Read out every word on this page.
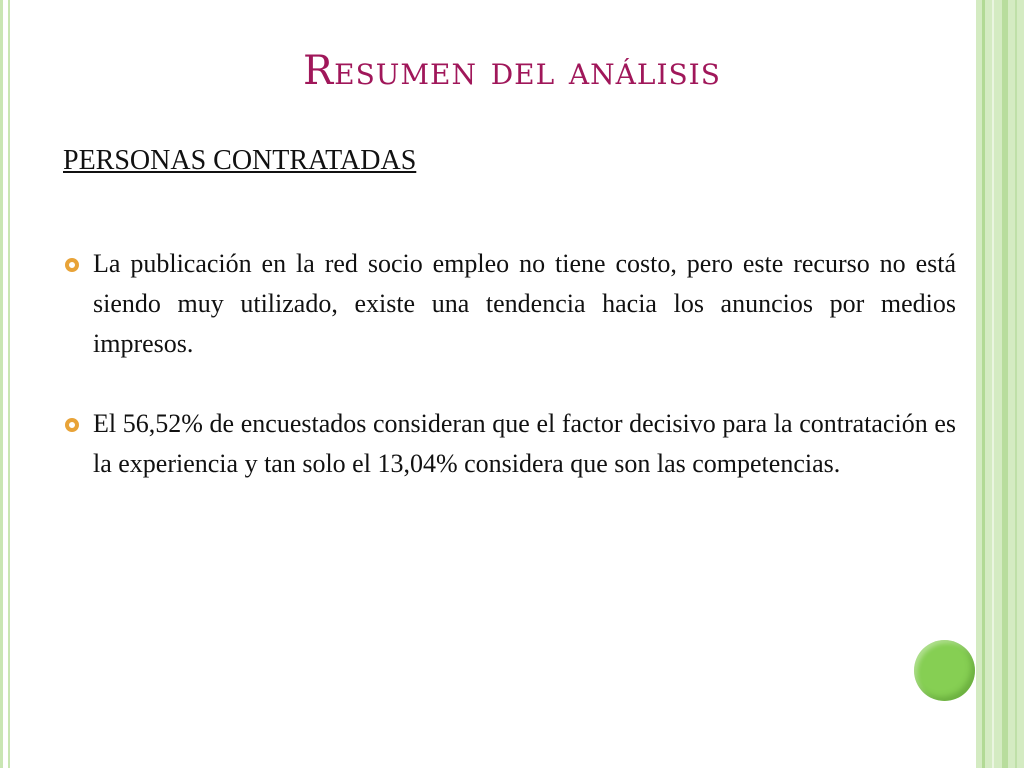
Resumen del análisis
PERSONAS CONTRATADAS
La publicación en la red socio empleo no tiene costo, pero este recurso no está siendo muy utilizado, existe una tendencia hacia los anuncios por medios impresos.
El 56,52% de encuestados consideran que el factor decisivo para la contratación es la experiencia y tan solo el 13,04% considera que son las competencias.
